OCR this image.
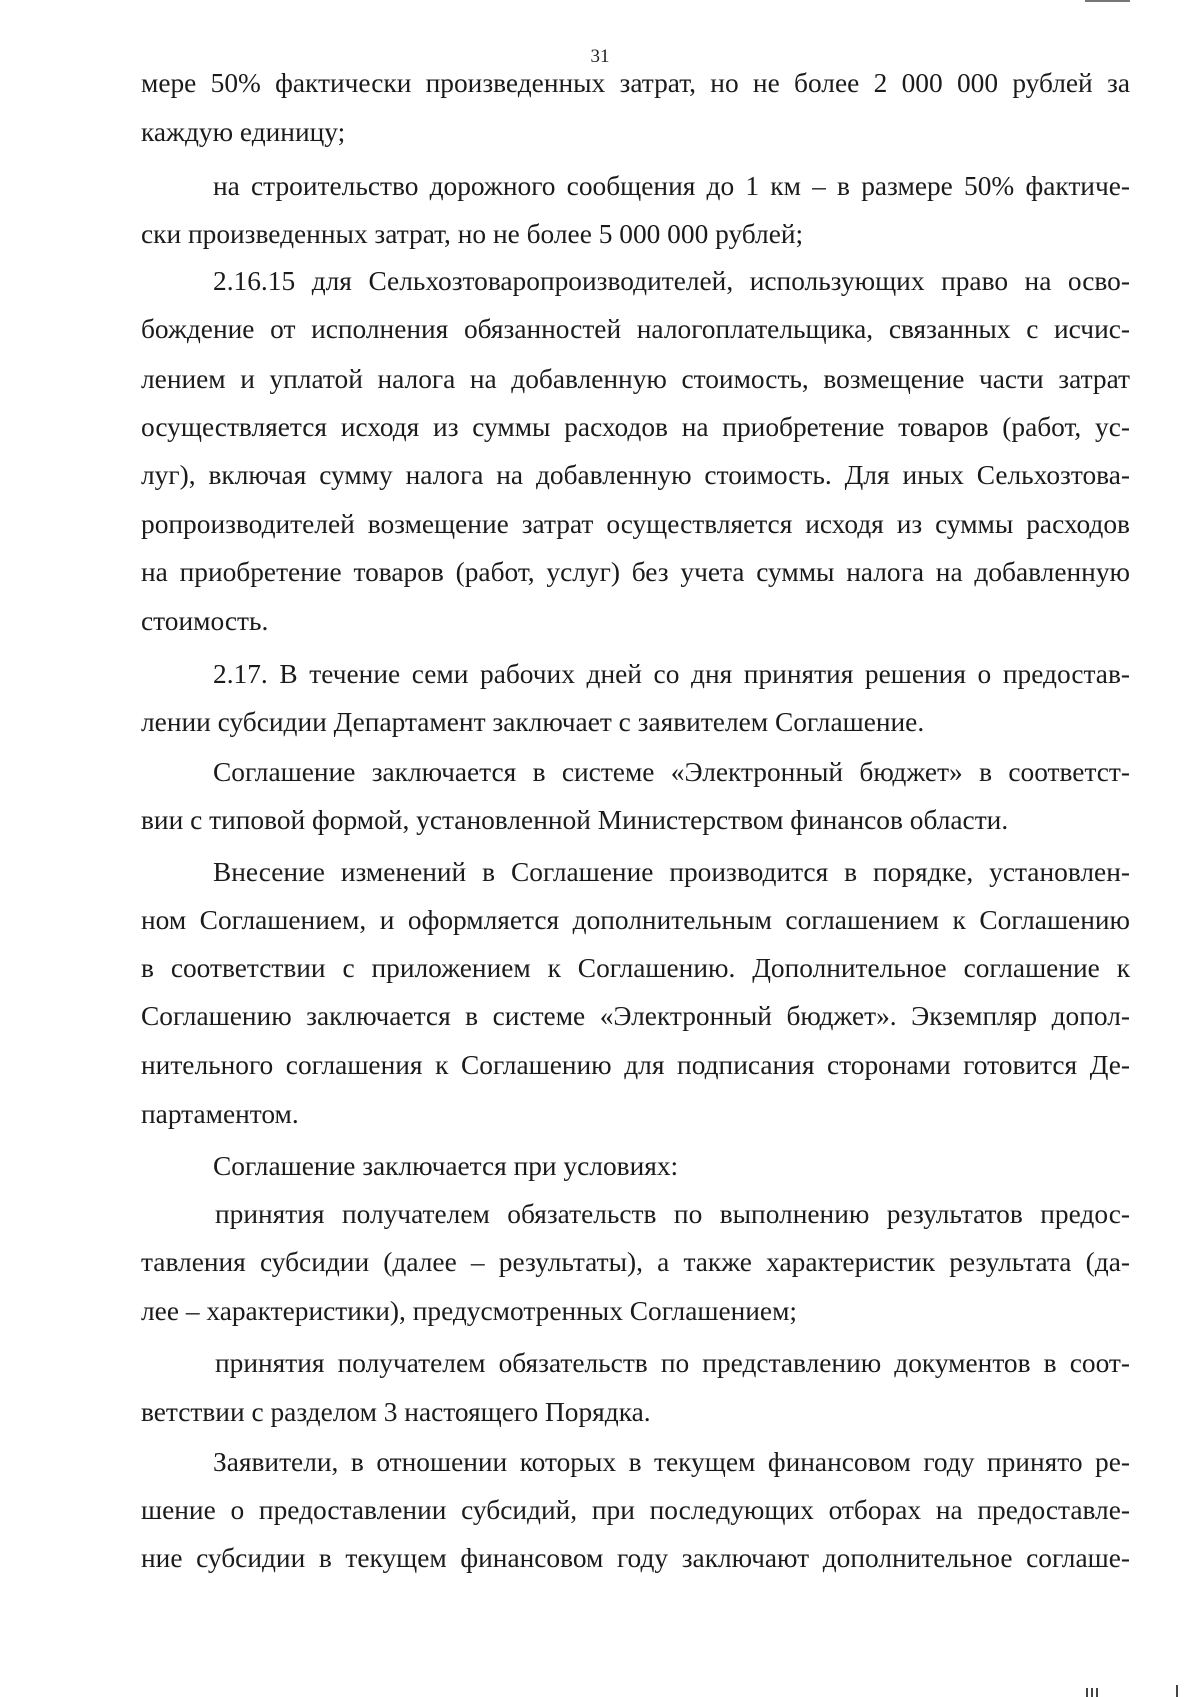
31
мере 50% фактически произведенных затрат, но не более 2 000 000 рублей за
каждую единицу;
на строительство дорожного сообщения до 1 км – в размере 50% фактиче-
ски произведенных затрат, но не более 5 000 000 рублей;
2.16.15 для Сельхозтоваропроизводителей, использующих право на осво-
бождение от исполнения обязанностей налогоплательщика, связанных с исчис-
лением и уплатой налога на добавленную стоимость, возмещение части затрат
осуществляется исходя из суммы расходов на приобретение товаров (работ, ус-
луг), включая сумму налога на добавленную стоимость. Для иных Сельхозтова-
ропроизводителей возмещение затрат осуществляется исходя из суммы расходов
на приобретение товаров (работ, услуг) без учета суммы налога на добавленную
стоимость.
2.17. В течение семи рабочих дней со дня принятия решения о предостав-
лении субсидии Департамент заключает с заявителем Соглашение.
Соглашение заключается в системе «Электронный бюджет» в соответст-
вии с типовой формой, установленной Министерством финансов области.
Внесение изменений в Соглашение производится в порядке, установлен-
ном Соглашением, и оформляется дополнительным соглашением к Соглашению
в соответствии с приложением к Соглашению. Дополнительное соглашение к
Соглашению заключается в системе «Электронный бюджет». Экземпляр допол-
нительного соглашения к Соглашению для подписания сторонами готовится Де-
партаментом.
Соглашение заключается при условиях:
принятия получателем обязательств по выполнению результатов предос-
тавления субсидии (далее – результаты), а также характеристик результата (да-
лее – характеристики), предусмотренных Соглашением;
принятия получателем обязательств по представлению документов в соот-
ветствии с разделом 3 настоящего Порядка.
Заявители, в отношении которых в текущем финансовом году принято ре-
шение о предоставлении субсидий, при последующих отборах на предоставле-
ние субсидии в текущем финансовом году заключают дополнительное соглаше-
